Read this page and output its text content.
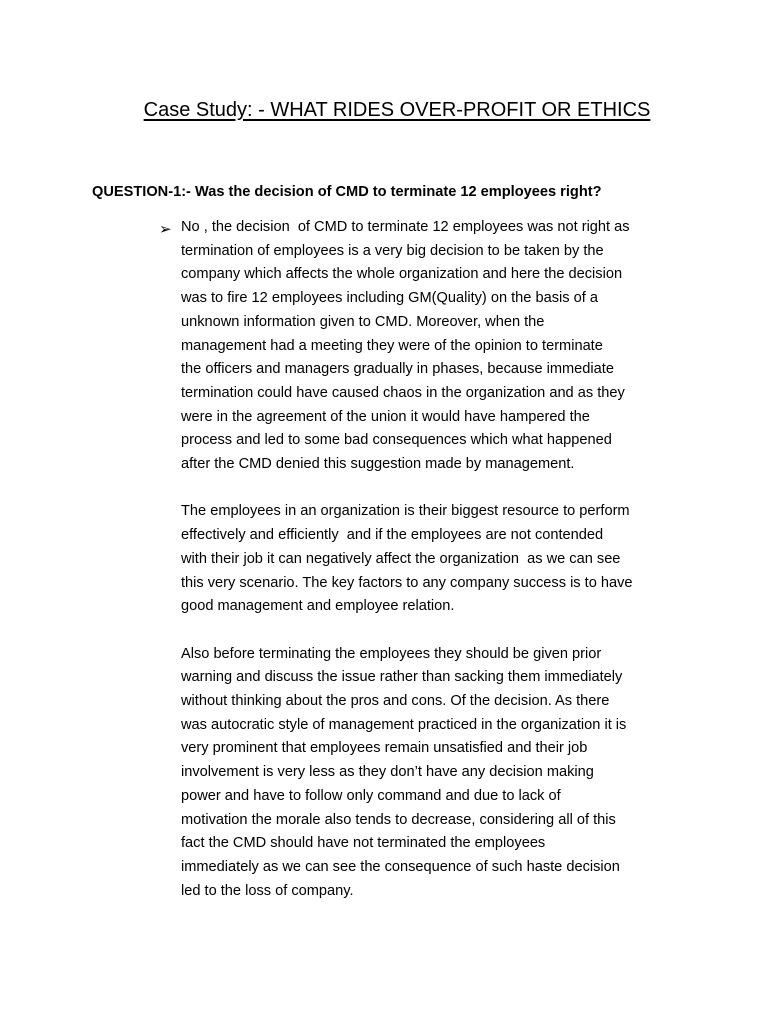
Case Study: - WHAT RIDES OVER-PROFIT OR ETHICS
QUESTION-1:- Was the decision of CMD to terminate 12 employees right?
➢ No , the decision  of CMD to terminate 12 employees was not right as
termination of employees is a very big decision to be taken by the
company which affects the whole organization and here the decision
was to fire 12 employees including GM(Quality) on the basis of a
unknown information given to CMD. Moreover, when the
management had a meeting they were of the opinion to terminate
the officers and managers gradually in phases, because immediate
termination could have caused chaos in the organization and as they
were in the agreement of the union it would have hampered the
process and led to some bad consequences which what happened
after the CMD denied this suggestion made by management.

The employees in an organization is their biggest resource to perform
effectively and efficiently  and if the employees are not contended
with their job it can negatively affect the organization  as we can see
this very scenario. The key factors to any company success is to have
good management and employee relation.

Also before terminating the employees they should be given prior
warning and discuss the issue rather than sacking them immediately
without thinking about the pros and cons. Of the decision. As there
was autocratic style of management practiced in the organization it is
very prominent that employees remain unsatisfied and their job
involvement is very less as they don’t have any decision making
power and have to follow only command and due to lack of
motivation the morale also tends to decrease, considering all of this
fact the CMD should have not terminated the employees
immediately as we can see the consequence of such haste decision
led to the loss of company.
